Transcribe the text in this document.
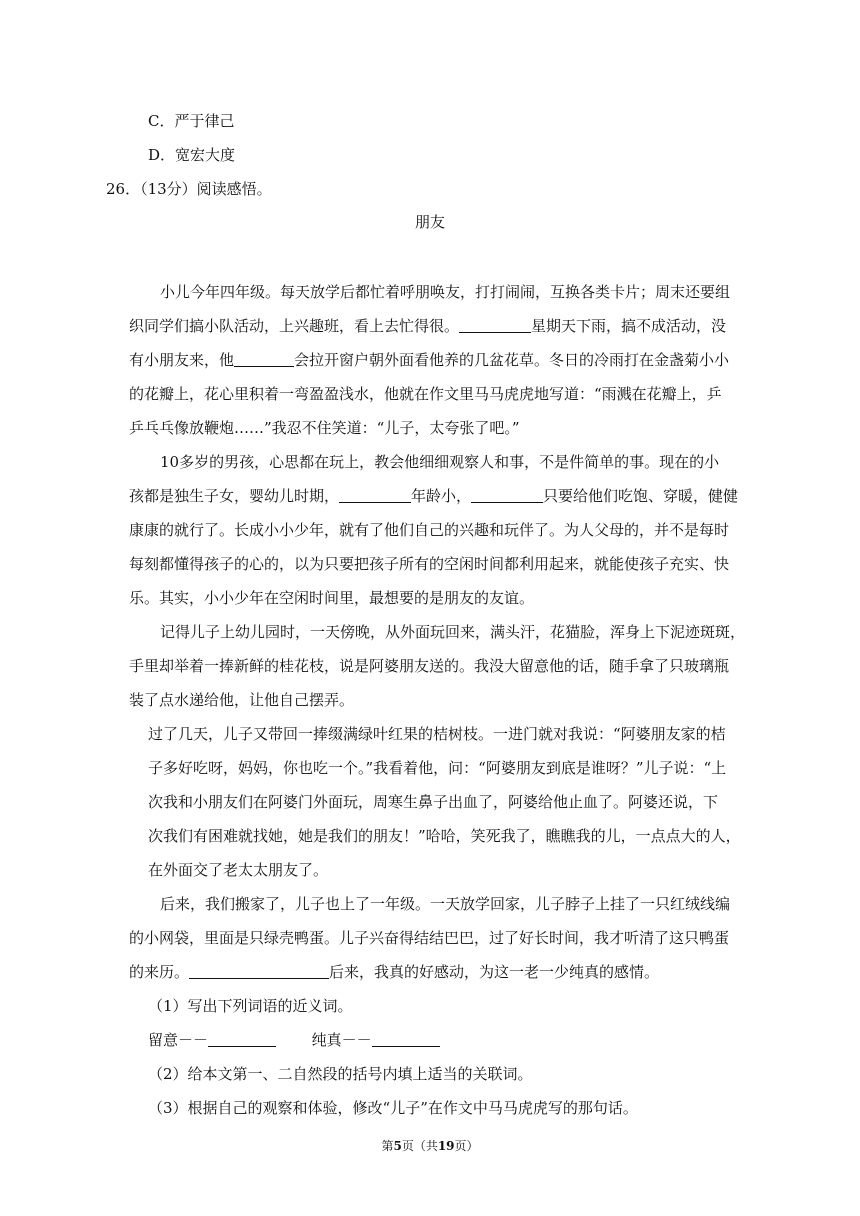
C．严于律己
D．宽宏大度
26．（13分）阅读感悟。
朋友
小儿今年四年级。每天放学后都忙着呼朋唤友，打打闹闹，互换各类卡片；周末还要组
织同学们搞小队活动，上兴趣班，看上去忙得很。	星期天下雨，搞不成活动，没
有小朋友来，他	会拉开窗户朝外面看他养的几盆花草。冬日的冷雨打在金盏菊小小
的花瓣上，花心里积着一弯盈盈浅水，他就在作文里马马虎虎地写道：“雨溅在花瓣上，乒
乒乓乓像放鞭炮……”我忍不住笑道：“儿子，太夸张了吧。”
10多岁的男孩，心思都在玩上，教会他细细观察人和事，不是件简单的事。现在的小
孩都是独生子女，婴幼儿时期，	年龄小，	只要给他们吃饱、穿暖，健健
康康的就行了。长成小小少年，就有了他们自己的兴趣和玩伴了。为人父母的，并不是每时
每刻都懂得孩子的心的，以为只要把孩子所有的空闲时间都利用起来，就能使孩子充实、快
乐。其实，小小少年在空闲时间里，最想要的是朋友的友谊。
记得儿子上幼儿园时，一天傍晚，从外面玩回来，满头汗，花猫脸，浑身上下泥迹斑斑，
手里却举着一捧新鲜的桂花枝，说是阿婆朋友送的。我没大留意他的话，随手拿了只玻璃瓶
装了点水递给他，让他自己摆弄。
过了几天，儿子又带回一捧缀满绿叶红果的桔树枝。一进门就对我说：“阿婆朋友家的桔
子多好吃呀，妈妈，你也吃一个。”我看着他，问：“阿婆朋友到底是谁呀？”儿子说：“上
次我和小朋友们在阿婆门外面玩，周寒生鼻子出血了，阿婆给他止血了。阿婆还说，下
次我们有困难就找她，她是我们的朋友！”哈哈，笑死我了，瞧瞧我的儿，一点点大的人，
在外面交了老太太朋友了。
后来，我们搬家了，儿子也上了一年级。一天放学回家，儿子脖子上挂了一只红绒线编
的小网袋，里面是只绿壳鸭蛋。儿子兴奋得结结巴巴，过了好长时间，我才听清了这只鸭蛋
的来历。	后来，我真的好感动，为这一老一少纯真的感情。
（1）写出下列词语的近义词。
留意－－	纯真－－
（2）给本文第一、二自然段的括号内填上适当的关联词。
（3）根据自己的观察和体验，修改“儿子”在作文中马马虎虎写的那句话。
第5页（共19页）
